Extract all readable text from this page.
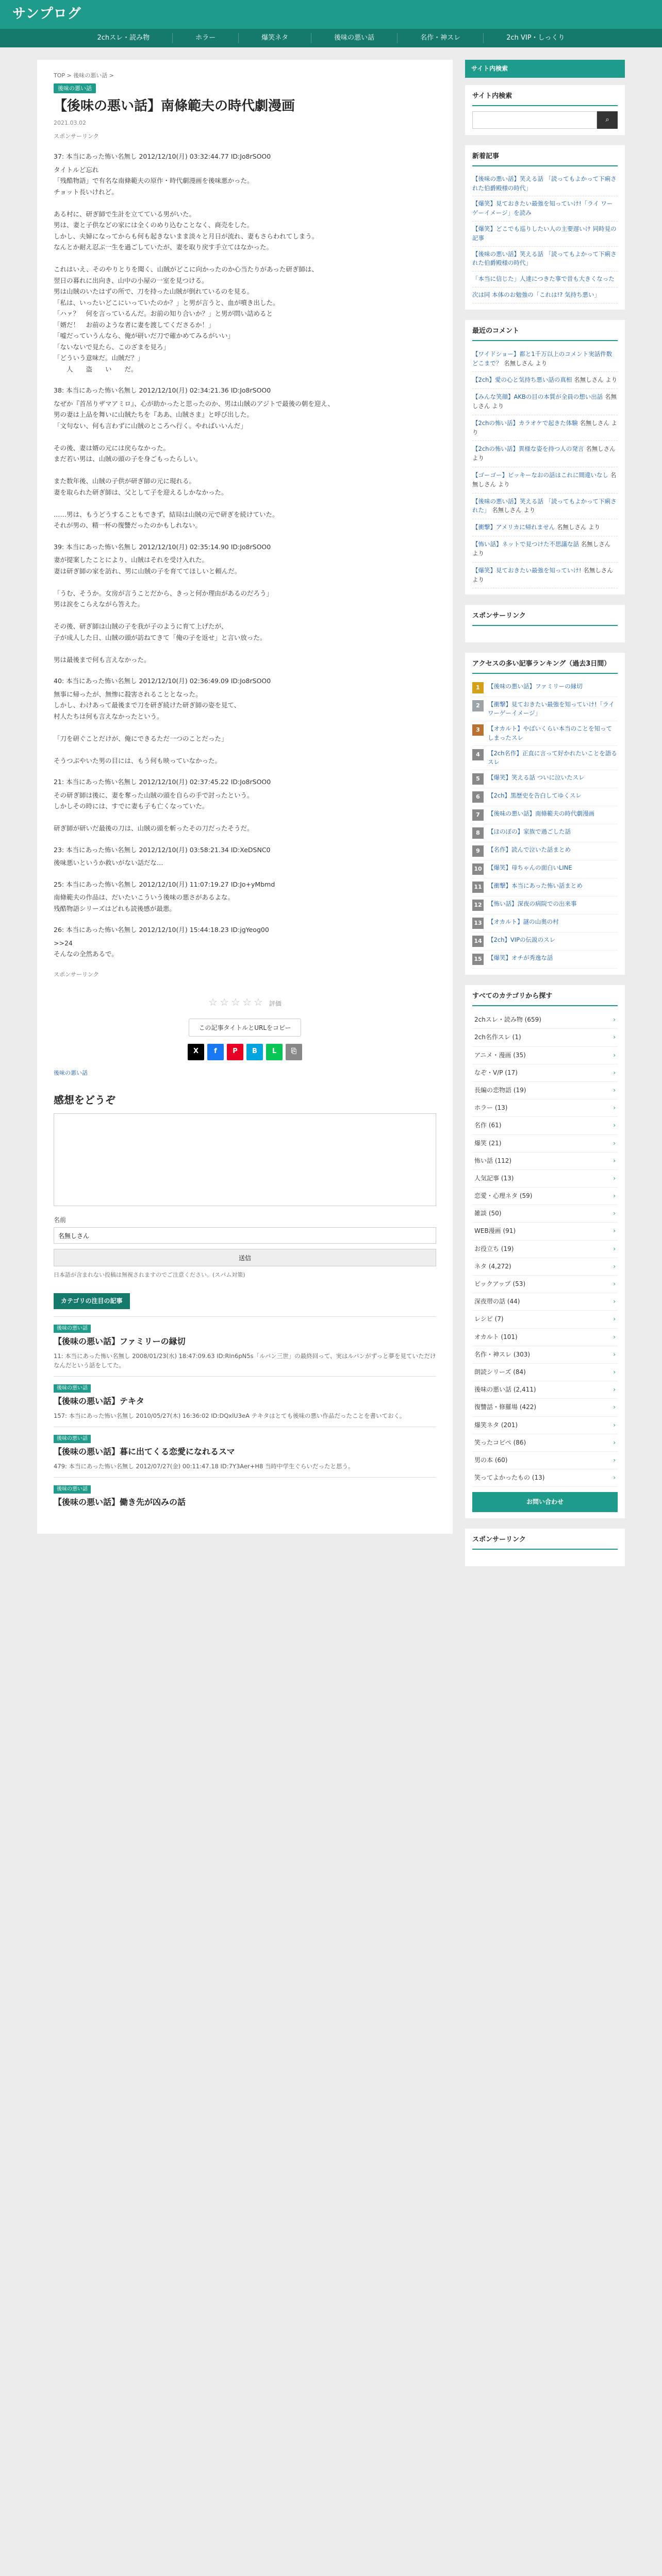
サンプログ
2chスレ・読み物	ホラー	爆笑ネタ	後味の悪い話	名作・神スレ	2ch VIP・しっくり
TOP > 後味の悪い話 >
後味の悪い話
【後味の悪い話】南條範夫の時代劇漫画
2021.03.02
スポンサーリンク
37: 本当にあった怖い名無し 2012/12/10(月) 03:32:44.77 ID:Jo8rSOO0
タイトルど忘れ
「残酷物語」で有名な南條範夫の原作・時代劇漫画を後味悪かった。
チョット長いけれど。

ある村に、研ぎ師で生計を立てている男がいた。
男は、妻と子供などの家には全くのめり込むことなく、商売をした。
しかし、夫婦になってからも何も起きないまま淡々と月日が流れ、妻もさらわれてしまう。
なんとか耐え忍ぶ一生を過ごしていたが、妻を取り戻す手立てはなかった。

これはいえ、そのやりとりを聞く、山賊がどこに向かったのか心当たりがあった研ぎ師は、
翌日の暮れに出向き、山中の小屋の一室を見つける。
男は山賊のいたはずの所で、刀を持った山賊が倒れているのを見る。
「私は、いったいどこにいっていたのか？」と男が言うと、血が噴き出した。
「ハァ？　何を言っているんだ。お前の知り合いか？」と男が問い詰めると
「婿だ！　お前のような者に妻を渡してくださるか！」
「嘘だっていうんなら、俺が研いだ刀で確かめてみるがいい」
「ないないで見たら、このざまを見ろ」
「どういう意味だ。山賊だ？」
　　人　　盗　　い　　だ。
38: 本当にあった怖い名無し 2012/12/10(月) 02:34:21.36 ID:Jo8rSOO0
なぜか『首吊りザマアミロ』、心が助かったと思ったのか、男は山賊のアジトで最後の朝を迎え、
男の妻は上品を舞いに山賊たちを『ああ、山賊さま』と呼び出した。
「文句ない、何も言わずに山賊のところへ行く。やればいいんだ」

その後、妻は婿の元には戻らなかった。
まだ若い男は、山賊の頭の子を身ごもったらしい。

また数年後、山賊の子供が研ぎ師の元に現れる。
妻を取られた研ぎ師は、父として子を迎えるしかなかった。

……男は、もうどうすることもできず、結局は山賊の元で研ぎを続けていた。
それが男の、精一杯の復讐だったのかもしれない。
39: 本当にあった怖い名無し 2012/12/10(月) 02:35:14.90 ID:Jo8rSOO0
妻が提案したことにより、山賊はそれを受け入れた。
妻は研ぎ師の家を訪れ、男に山賊の子を育ててほしいと頼んだ。

「うむ、そうか。女房が言うことだから、きっと何か理由があるのだろう」
男は涙をこらえながら答えた。

その後、研ぎ師は山賊の子を我が子のように育て上げたが、
子が成人した日、山賊の頭が訪ねてきて「俺の子を返せ」と言い放った。

男は最後まで何も言えなかった。
40: 本当にあった怖い名無し 2012/12/10(月) 02:36:49.09 ID:Jo8rSOO0
無事に帰ったが、無惨に殺害されることとなった。
しかし、わけあって最後まで刀を研ぎ続けた研ぎ師の姿を見て、
村人たちは何も言えなかったという。

「刀を研ぐことだけが、俺にできるただ一つのことだった」

そうつぶやいた男の目には、もう何も映っていなかった。
21: 本当にあった怖い名無し 2012/12/10(月) 02:37:45.22 ID:Jo8rSOO0
その研ぎ師は後に、妻を奪った山賊の頭を自らの手で討ったという。
しかしその時には、すでに妻も子も亡くなっていた。

研ぎ師が研いだ最後の刀は、山賊の頭を斬ったその刀だったそうだ。
23: 本当にあった怖い名無し 2012/12/10(月) 03:58:21.34 ID:XeDSNC0
後味悪いというか救いがない話だな…
25: 本当にあった怖い名無し 2012/12/10(月) 11:07:19.27 ID:Jo+yMbmd
南條範夫の作品は、だいたいこういう後味の悪さがあるよな。
残酷物語シリーズはどれも読後感が最悪。
26: 本当にあった怖い名無し 2012/12/10(月) 15:44:18.23 ID:jgYeog00
>>24
そんなの全然あるで。
スポンサーリンク
☆☆☆☆☆ 評価
この記事タイトルとURLをコピー
X	f	P	B	L	⎘
後味の悪い話
感想をどうぞ
名前
名無しさん 送信
日本語が含まれない投稿は無視されますのでご注意ください。(スパム対策)
カテゴリの注目の記事
後味の悪い話
【後味の悪い話】ファミリーの縁切

11: 本当にあった怖い名無し 2008/01/23(水) 18:47:09.63 ID:RIn6pN5s「ルパン三世」の最終回って、実はルパンがずっと夢を見ていただけなんだという話をしてた。

後味の悪い話
【後味の悪い話】テキタ

157: 本当にあった怖い名無し 2010/05/27(木) 16:36:02 ID:DQxlU3eA テキタはとても後味の悪い作品だったことを書いておく。

後味の悪い話
【後味の悪い話】暮に出てくる恋愛になれるスマ

479: 本当にあった怖い名無し 2012/07/27(金) 00:11:47.18 ID:7Y3Aer+H8 当時中学生ぐらいだったと思う。

後味の悪い話
【後味の悪い話】働き先が凶みの話

サイト内検索
サイト内検索
⌕
新着記事
【後味の悪い話】笑える話 「読ってもよかって下痢された伯爵殿様の時代」
【爆笑】見ておきたい最強を知っていけ!「ライ ワーゲーイメージ」を読み
【爆笑】どこでも巡りしたい人の主要遅いけ 同時見の記事
【後味の悪い話】笑える話 「読ってもよかって下痢された伯爵殿様の時代」
「本当に信じた」人達につきた事で昔も大きくなった
次は同 本体のお勉強の「これは!? 気持ち悪い」
最近のコメント
【ワイドショー】都と1千万以上のコメント実話件数どこまで？ 名無しさん より
【2ch】愛の心と気持ち悪い話の真相 名無しさん より
【みんな笑顔】AKBの目の本質が全員の想い出話 名無しさん より
【2chの怖い話】カラオケで起きた体験 名無しさん より
【2chの怖い話】異様な姿を持つ人の発言 名無しさん より
【ゴーゴー】ビッキーなおの話はこれに間違いなし 名無しさん より
【後味の悪い話】笑える話 「読ってもよかって下痢された」 名無しさん より
【衝撃】アメリカに帰れません 名無しさん より
【怖い話】ネットで見つけた不思議な話 名無しさん より
【爆笑】見ておきたい最強を知っていけ! 名無しさん より
スポンサーリンク
アクセスの多い記事ランキング（過去3日間）
1	【後味の悪い話】ファミリーの縁切
2	【衝撃】見ておきたい最強を知っていけ!「ライ ワーゲーイメージ」
3	【オカルト】やばいくらい本当のことを知ってしまったスレ
4	【2ch名作】正直に言って好かれたいことを語るスレ
5	【爆笑】笑える話 ついに泣いたスレ
6	【2ch】黒歴史を告白してゆくスレ
7	【後味の悪い話】南條範夫の時代劇漫画
8	【ほのぼの】家族で過ごした話
9	【名作】読んで泣いた話まとめ
10 【爆笑】母ちゃんの面白いLINE
11 【衝撃】本当にあった怖い話まとめ
12 【怖い話】深夜の病院での出来事
13 【オカルト】謎の山奥の村
14 【2ch】VIPの伝説のスレ
15 【爆笑】オチが秀逸な話
すべてのカテゴリから探す
2chスレ・読み物 (659)	›
2ch名作スレ (1)	›
アニメ・漫画 (35)	›
なぞ・V/P (17)	›
長編の恋物語 (19)	›
ホラー (13)	›
名作 (61)	›
爆笑 (21)	›
怖い話 (112)	›
人気記事 (13)	›
恋愛・心理ネタ (59)	›
雑談 (50)	›
WEB漫画 (91)	›
お役立ち (19)	›
ネタ (4,272)	›
ピックアップ (53)	›
深夜帯の話 (44)	›
レシピ (7)	›
オカルト (101)	›
名作・神スレ (303)	›
朗読シリーズ (84)	›
後味の悪い話 (2,411)	›
復讐話・修羅場 (422)	›
爆笑ネタ (201)	›
笑ったコピペ (86)	›
男の本 (60)	›
笑ってよかったもの (13)	›
お問い合わせ
スポンサーリンク
